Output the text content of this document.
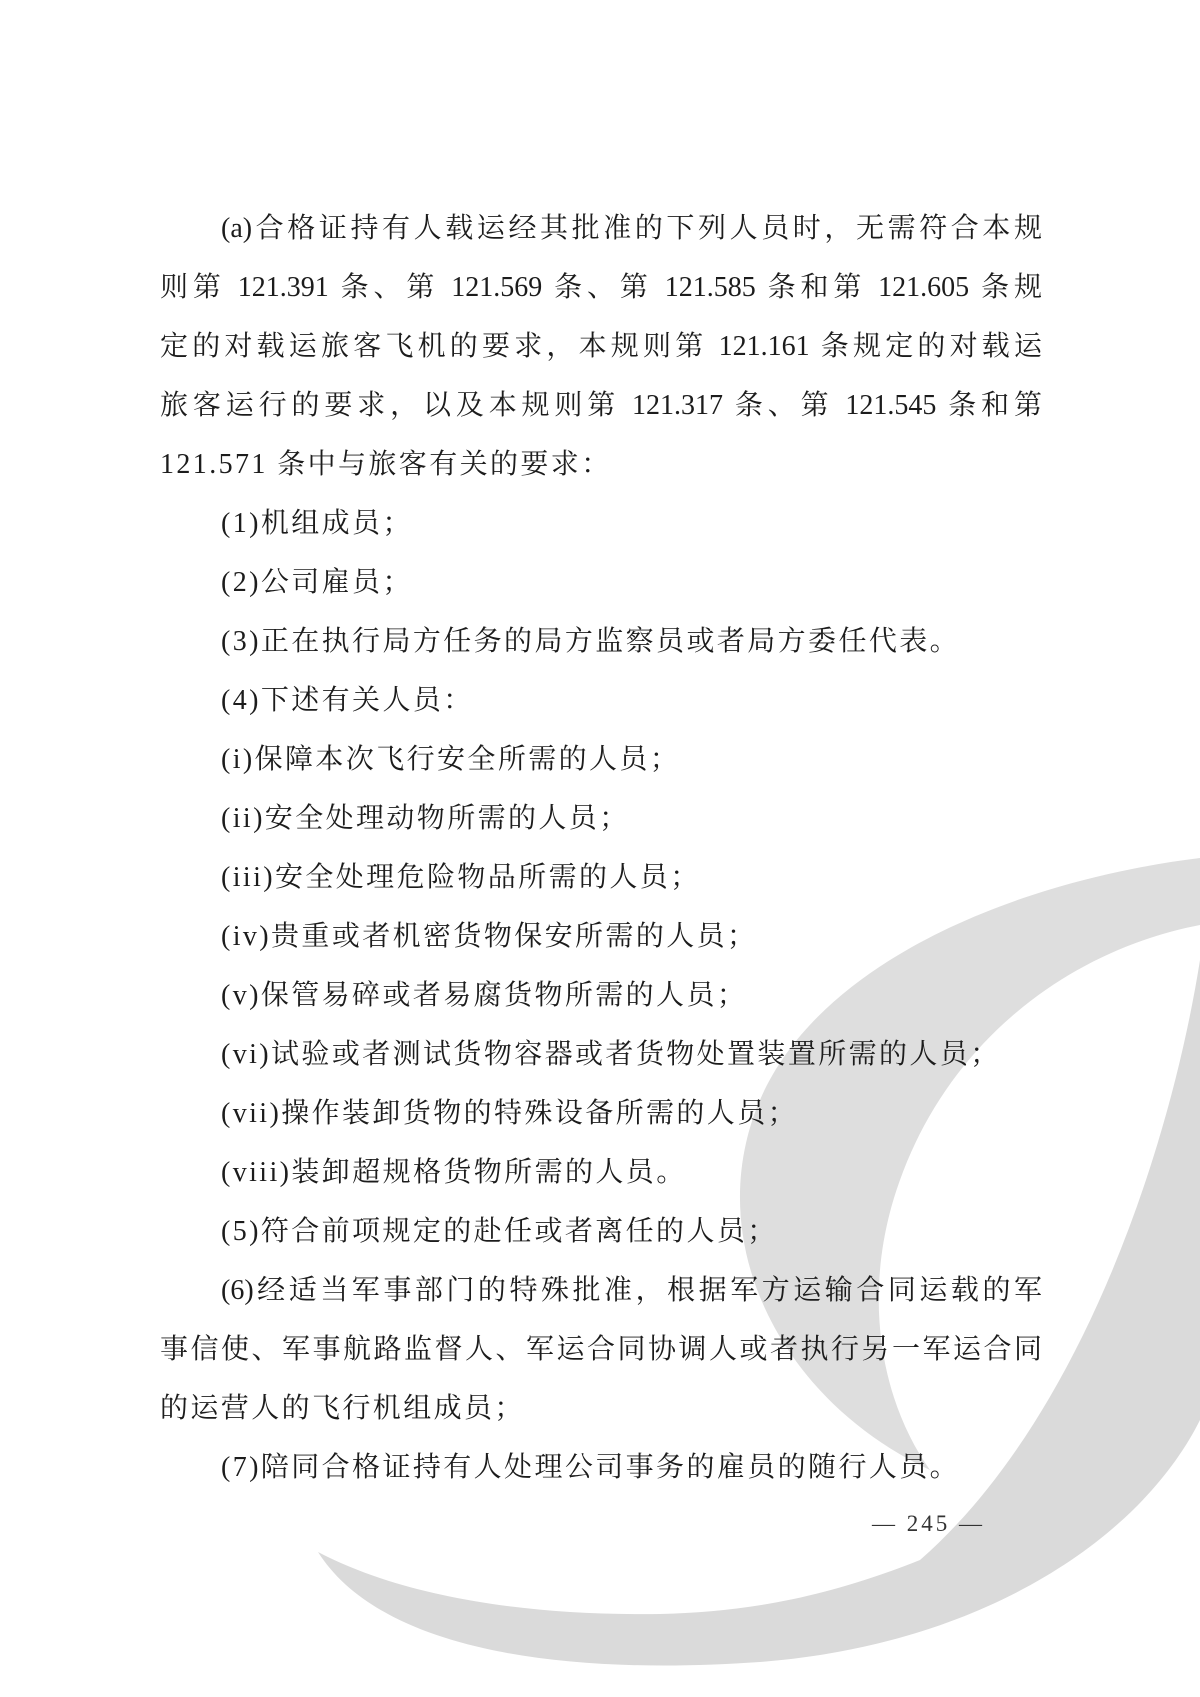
(a)合格证持有人载运经其批准的下列人员时，无需符合本规
则第 121.391 条、第 121.569 条、第 121.585 条和第 121.605 条规
定的对载运旅客飞机的要求，本规则第 121.161 条规定的对载运
旅客运行的要求，以及本规则第 121.317 条、第 121.545 条和第
121.571 条中与旅客有关的要求：
(1)机组成员；
(2)公司雇员；
(3)正在执行局方任务的局方监察员或者局方委任代表。
(4)下述有关人员：
(i)保障本次飞行安全所需的人员；
(ii)安全处理动物所需的人员；
(iii)安全处理危险物品所需的人员；
(iv)贵重或者机密货物保安所需的人员；
(v)保管易碎或者易腐货物所需的人员；
(vi)试验或者测试货物容器或者货物处置装置所需的人员；
(vii)操作装卸货物的特殊设备所需的人员；
(viii)装卸超规格货物所需的人员。
(5)符合前项规定的赴任或者离任的人员；
(6)经适当军事部门的特殊批准，根据军方运输合同运载的军
事信使、军事航路监督人、军运合同协调人或者执行另一军运合同
的运营人的飞行机组成员；
(7)陪同合格证持有人处理公司事务的雇员的随行人员。
— 245 —
